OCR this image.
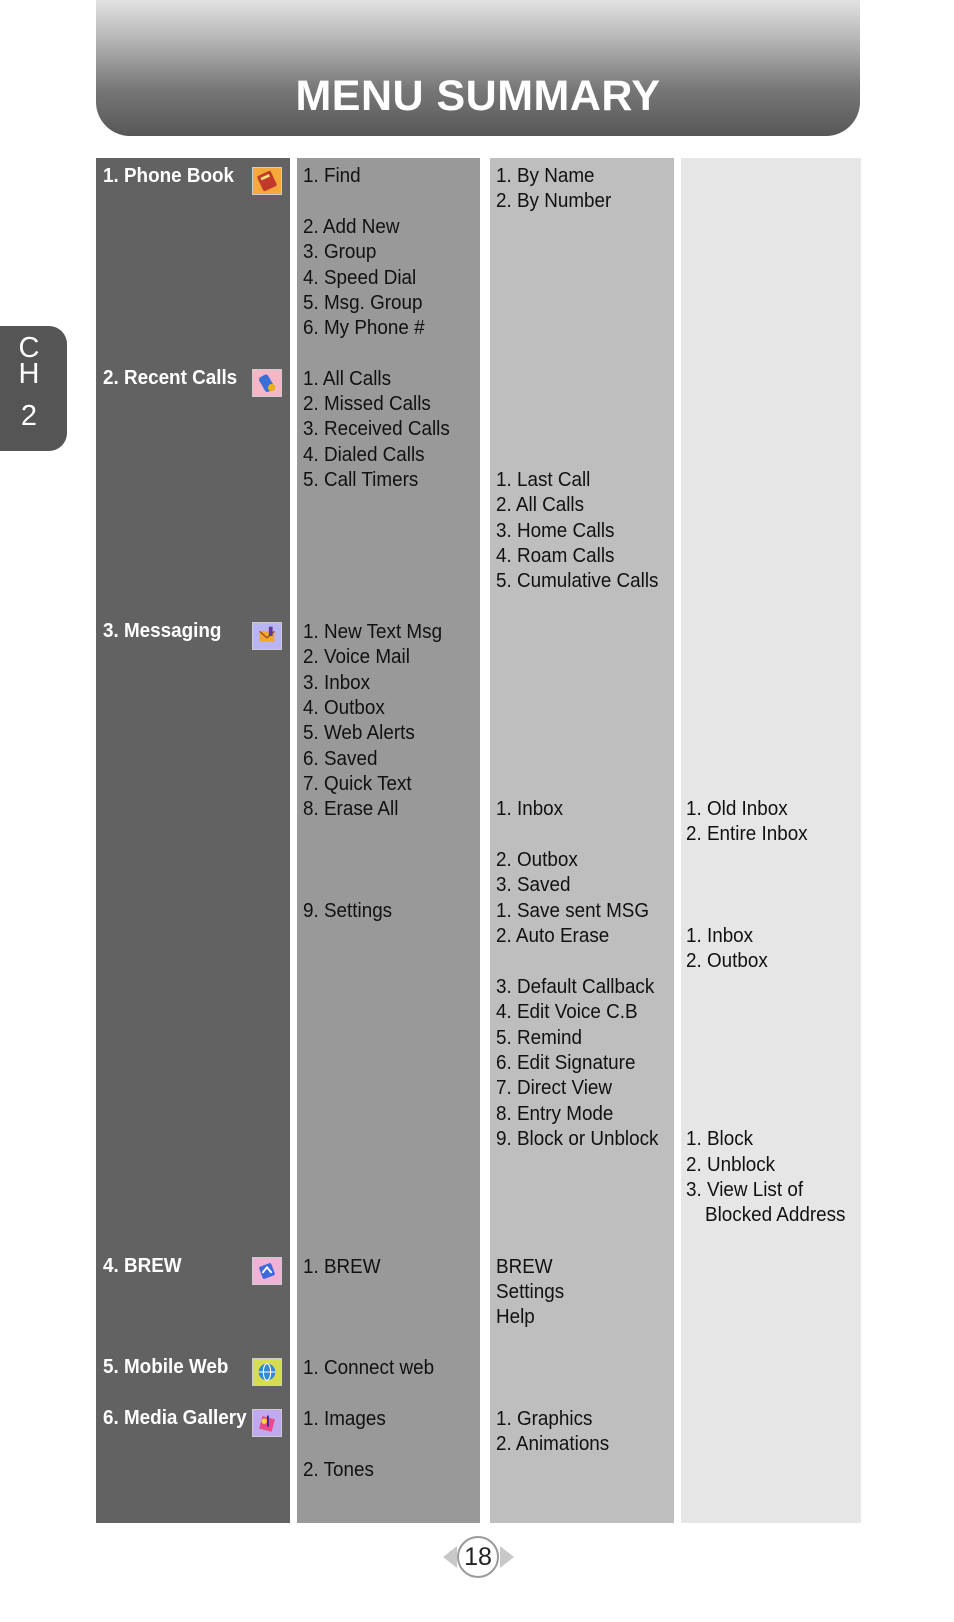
MENU SUMMARY
C
H
2
1. Phone Book
2. Recent Calls
3. Messaging
4. BREW
5. Mobile Web
6. Media Gallery
1. Find
2. Add New
3. Group
4. Speed Dial
5. Msg. Group
6. My Phone #
1. All Calls
2. Missed Calls
3. Received Calls
4. Dialed Calls
5. Call Timers
1. New Text Msg
2. Voice Mail
3. Inbox
4. Outbox
5. Web Alerts
6. Saved
7. Quick Text
8. Erase All
9. Settings
1. BREW
1. Connect web
1. Images
2. Tones
1. By Name
2. By Number
1. Last Call
2. All Calls
3. Home Calls
4. Roam Calls
5. Cumulative Calls
1. Inbox
2. Outbox
3. Saved
1. Save sent MSG
2. Auto Erase
3. Default Callback
4. Edit Voice C.B
5. Remind
6. Edit Signature
7. Direct View
8. Entry Mode
9. Block or Unblock
BREW
Settings
Help
1. Graphics
2. Animations
1. Old Inbox
2. Entire Inbox
1. Inbox
2. Outbox
1. Block
2. Unblock
3. View List of
Blocked Address
18
